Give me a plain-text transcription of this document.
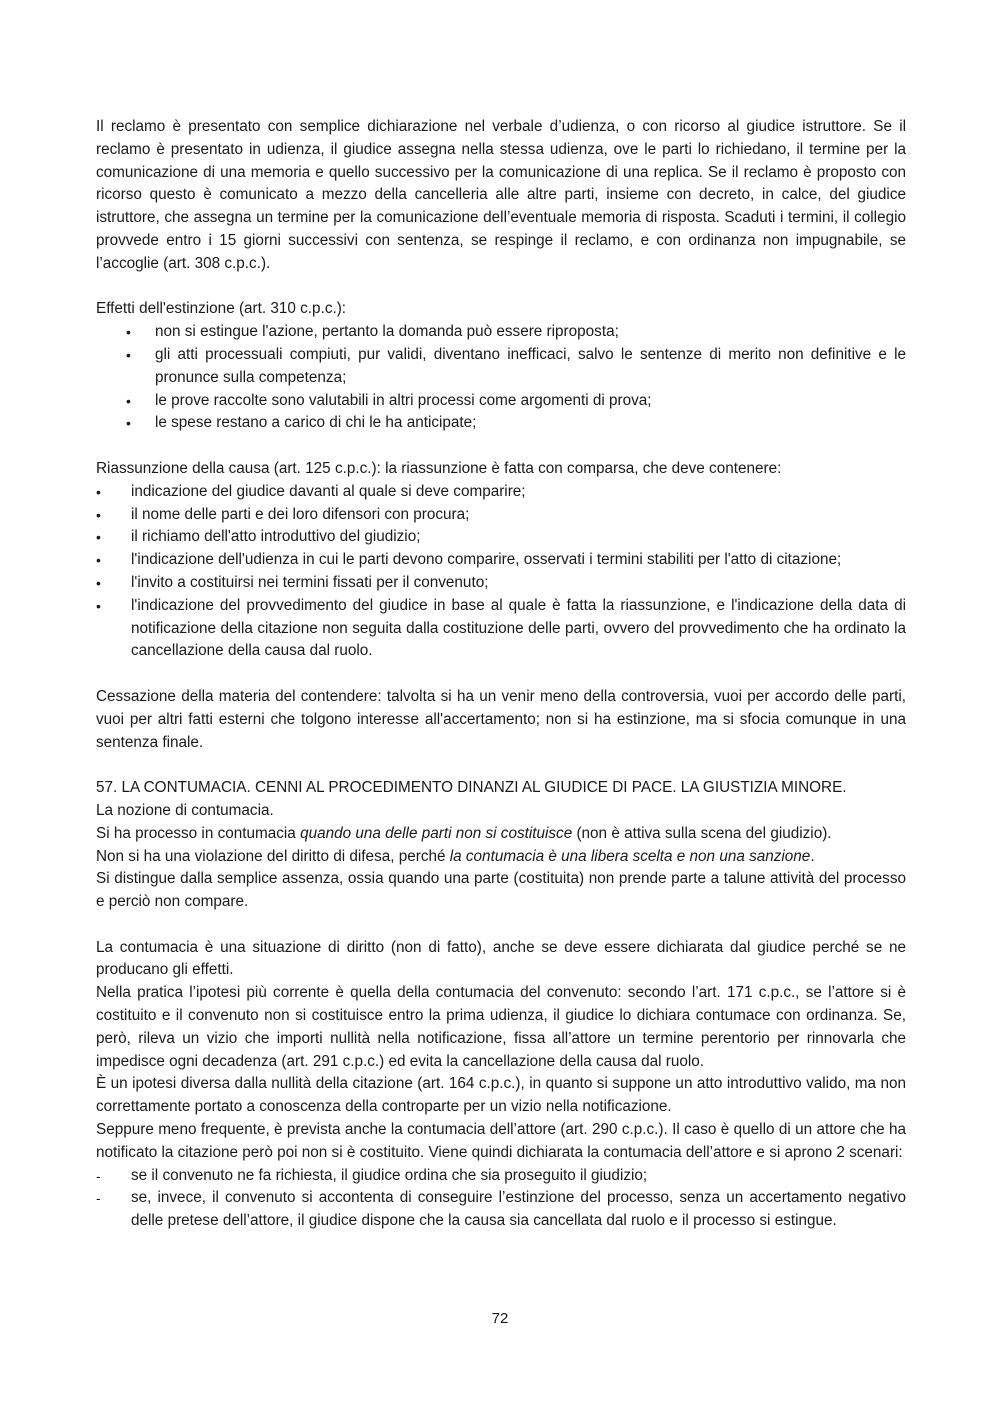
Il reclamo è presentato con semplice dichiarazione nel verbale d’udienza, o con ricorso al giudice istruttore. Se il reclamo è presentato in udienza, il giudice assegna nella stessa udienza, ove le parti lo richiedano, il termine per la comunicazione di una memoria e quello successivo per la comunicazione di una replica. Se il reclamo è proposto con ricorso questo è comunicato a mezzo della cancelleria alle altre parti, insieme con decreto, in calce, del giudice istruttore, che assegna un termine per la comunicazione dell’eventuale memoria di risposta. Scaduti i termini, il collegio provvede entro i 15 giorni successivi con sentenza, se respinge il reclamo, e con ordinanza non impugnabile, se l’accoglie (art. 308 c.p.c.).

Effetti dell'estinzione (art. 310 c.p.c.):

• non si estingue l'azione, pertanto la domanda può essere riproposta;
• gli atti processuali compiuti, pur validi, diventano inefficaci, salvo le sentenze di merito non definitive e le pronunce sulla competenza;
• le prove raccolte sono valutabili in altri processi come argomenti di prova;
• le spese restano a carico di chi le ha anticipate;

Riassunzione della causa (art. 125 c.p.c.): la riassunzione è fatta con comparsa, che deve contenere:

• indicazione del giudice davanti al quale si deve comparire;
• il nome delle parti e dei loro difensori con procura;
• il richiamo dell'atto introduttivo del giudizio;
• l'indicazione dell'udienza in cui le parti devono comparire, osservati i termini stabiliti per l'atto di citazione;
• l'invito a costituirsi nei termini fissati per il convenuto;
• l'indicazione del provvedimento del giudice in base al quale è fatta la riassunzione, e l'indicazione della data di notificazione della citazione non seguita dalla costituzione delle parti, ovvero del provvedimento che ha ordinato la cancellazione della causa dal ruolo.

Cessazione della materia del contendere: talvolta si ha un venir meno della controversia, vuoi per accordo delle parti, vuoi per altri fatti esterni che tolgono interesse all'accertamento; non si ha estinzione, ma si sfocia comunque in una sentenza finale.

57. LA CONTUMACIA. CENNI AL PROCEDIMENTO DINANZI AL GIUDICE DI PACE. LA GIUSTIZIA MINORE.

La nozione di contumacia.

Si ha processo in contumacia quando una delle parti non si costituisce (non è attiva sulla scena del giudizio).

Non si ha una violazione del diritto di difesa, perché la contumacia è una libera scelta e non una sanzione.

Si distingue dalla semplice assenza, ossia quando una parte (costituita) non prende parte a talune attività del processo e perciò non compare.

La contumacia è una situazione di diritto (non di fatto), anche se deve essere dichiarata dal giudice perché se ne producano gli effetti.

Nella pratica l’ipotesi più corrente è quella della contumacia del convenuto: secondo l’art. 171 c.p.c., se l’attore si è costituito e il convenuto non si costituisce entro la prima udienza, il giudice lo dichiara contumace con ordinanza. Se, però, rileva un vizio che importi nullità nella notificazione, fissa all’attore un termine perentorio per rinnovarla che impedisce ogni decadenza (art. 291 c.p.c.) ed evita la cancellazione della causa dal ruolo.

È un ipotesi diversa dalla nullità della citazione (art. 164 c.p.c.), in quanto si suppone un atto introduttivo valido, ma non correttamente portato a conoscenza della controparte per un vizio nella notificazione.

Seppure meno frequente, è prevista anche la contumacia dell’attore (art. 290 c.p.c.). Il caso è quello di un attore che ha notificato la citazione però poi non si è costituito. Viene quindi dichiarata la contumacia dell’attore e si aprono 2 scenari:

- se il convenuto ne fa richiesta, il giudice ordina che sia proseguito il giudizio;
- se, invece, il convenuto si accontenta di conseguire l’estinzione del processo, senza un accertamento negativo delle pretese dell’attore, il giudice dispone che la causa sia cancellata dal ruolo e il processo si estingue.
72
